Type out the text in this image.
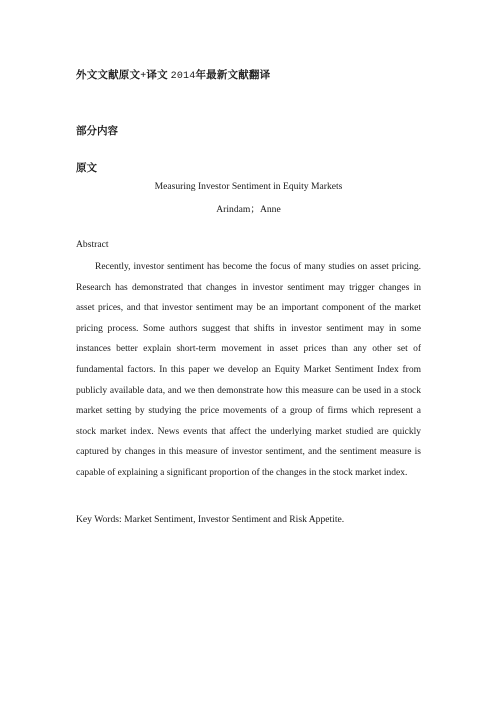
外文文献原文+译文 2014年最新文献翻译
部分内容
原文
Measuring Investor Sentiment in Equity Markets
Arindam；Anne
Abstract

Recently, investor sentiment has become the focus of many studies on asset pricing. Research has demonstrated that changes in investor sentiment may trigger changes in asset prices, and that investor sentiment may be an important component of the market pricing process. Some authors suggest that shifts in investor sentiment may in some instances better explain short-term movement in asset prices than any other set of fundamental factors. In this paper we develop an Equity Market Sentiment Index from publicly available data, and we then demonstrate how this measure can be used in a stock market setting by studying the price movements of a group of firms which represent a stock market index. News events that affect the underlying market studied are quickly captured by changes in this measure of investor sentiment, and the sentiment measure is capable of explaining a significant proportion of the changes in the stock market index.

Key Words: Market Sentiment, Investor Sentiment and Risk Appetite.
